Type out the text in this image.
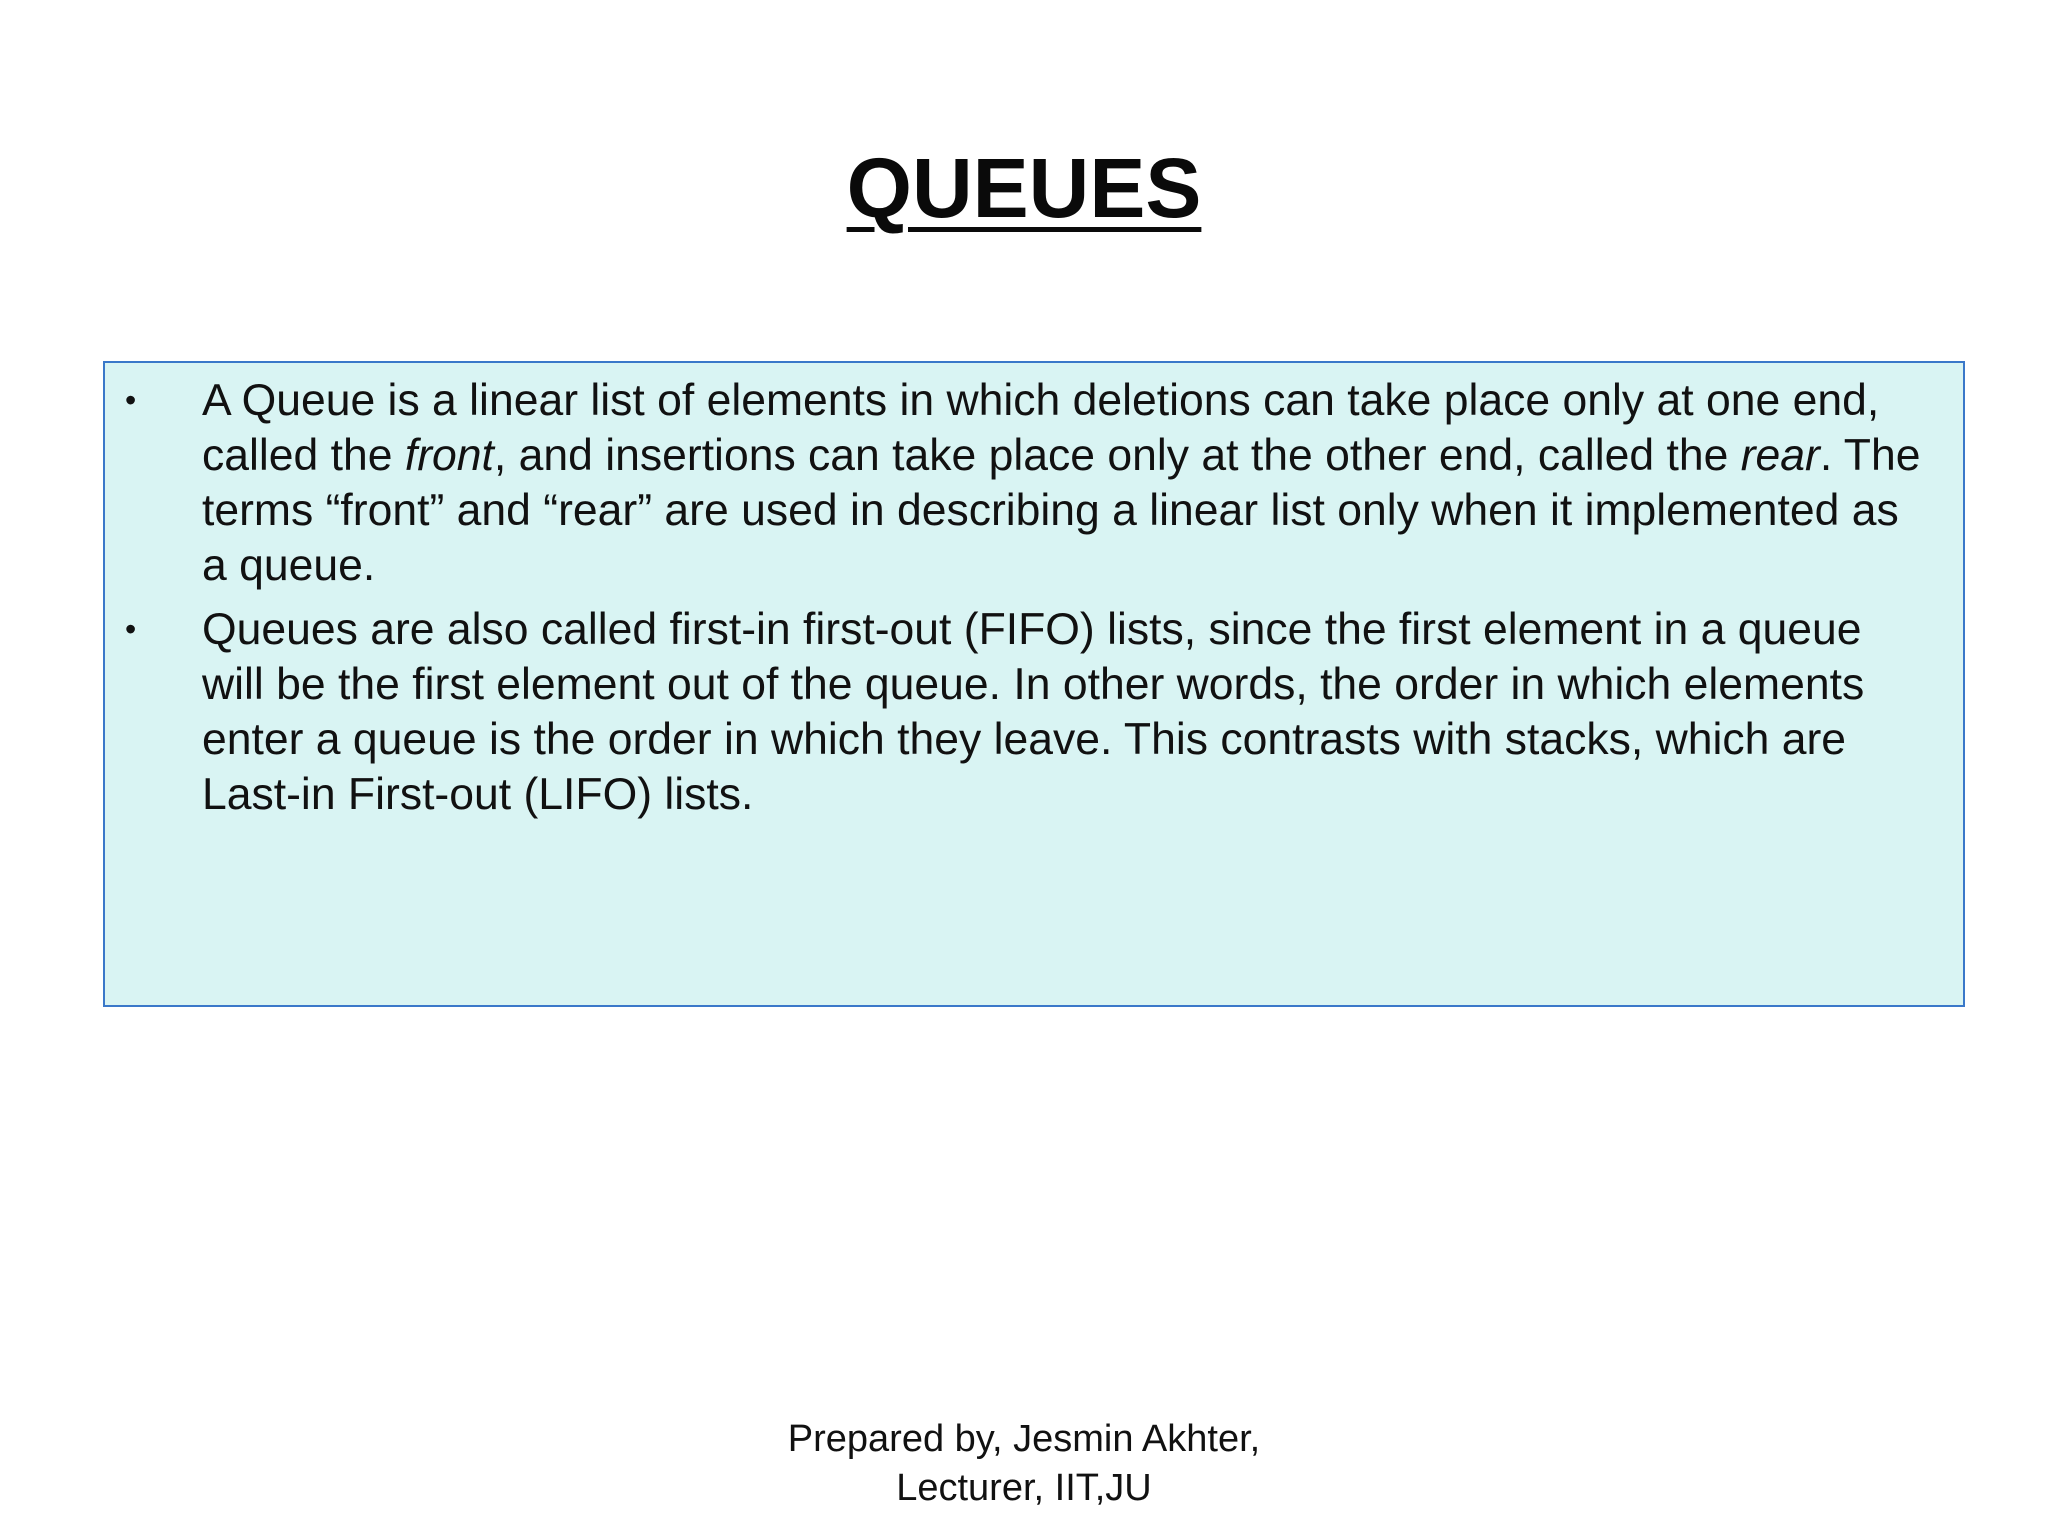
QUEUES
• A Queue is a linear list of elements in which deletions can take place only at one end, called the front, and insertions can take place only at the other end, called the rear. The terms “front” and “rear” are used in describing a linear list only when it implemented as a queue.
• Queues are also called first-in first-out (FIFO) lists, since the first element in a queue will be the first element out of the queue. In other words, the order in which elements enter a queue is the order in which they leave. This contrasts with stacks, which are Last-in First-out (LIFO) lists.
Prepared by, Jesmin Akhter,
Lecturer, IIT,JU
